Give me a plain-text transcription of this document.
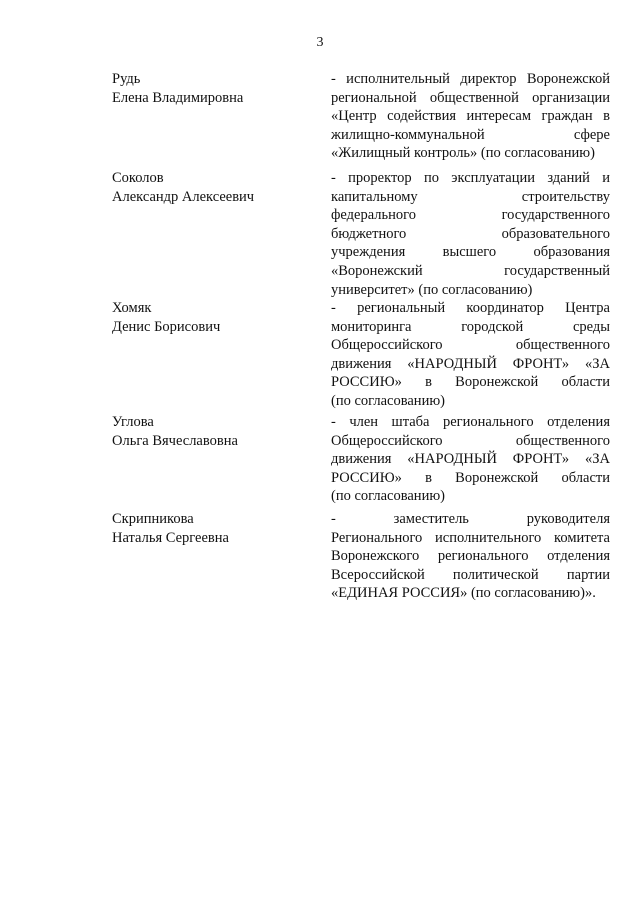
3
Рудь
Елена Владимировна
- исполнительный директор Воронежской
региональной общественной организации
«Центр содействия интересам граждан в
жилищно-коммунальной сфере
«Жилищный контроль» (по согласованию)
Соколов
Александр Алексеевич
- проректор по эксплуатации зданий и
капитальному строительству
федерального государственного
бюджетного образовательного
учреждения высшего образования
«Воронежский государственный
университет» (по согласованию)
Хомяк
Денис Борисович
- региональный координатор Центра
мониторинга городской среды
Общероссийского общественного
движения «НАРОДНЫЙ ФРОНТ» «ЗА
РОССИЮ» в Воронежской области
(по согласованию)
Углова
Ольга Вячеславовна
- член штаба регионального отделения
Общероссийского общественного
движения «НАРОДНЫЙ ФРОНТ» «ЗА
РОССИЮ» в Воронежской области
(по согласованию)
Скрипникова
Наталья Сергеевна
- заместитель руководителя
Регионального исполнительного комитета
Воронежского регионального отделения
Всероссийской политической партии
«ЕДИНАЯ РОССИЯ» (по согласованию)».
